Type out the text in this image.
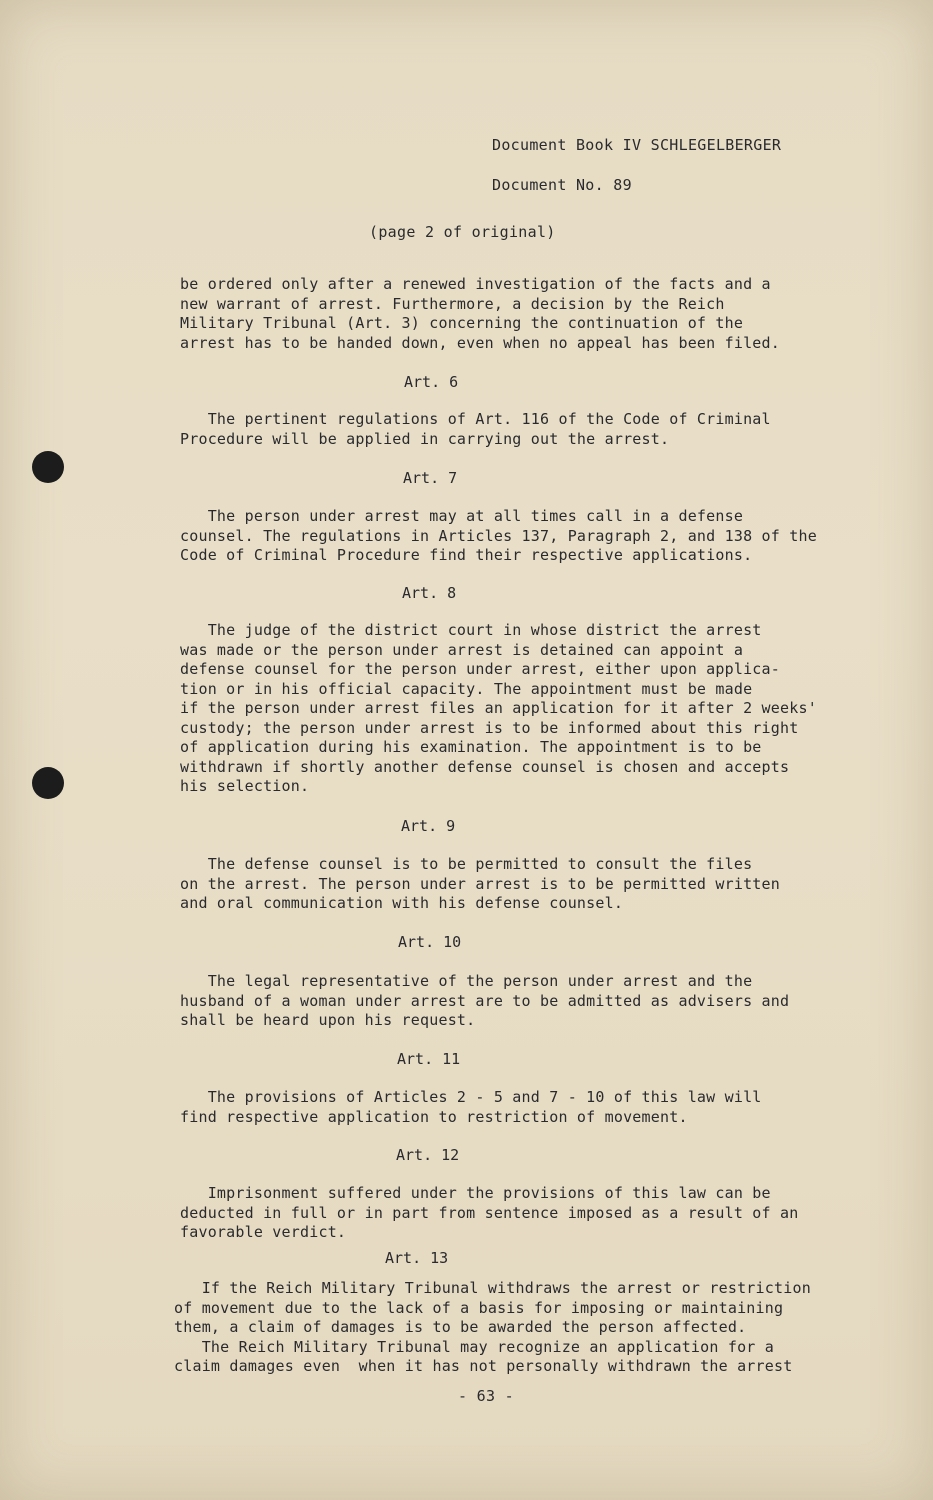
Document Book IV SCHLEGELBERGER
Document No. 89
(page 2 of original)
be ordered only after a renewed investigation of the facts and a
new warrant of arrest. Furthermore, a decision by the Reich
Military Tribunal (Art. 3) concerning the continuation of the
arrest has to be handed down, even when no appeal has been filed.
Art. 6
The pertinent regulations of Art. 116 of the Code of Criminal
Procedure will be applied in carrying out the arrest.
Art. 7
The person under arrest may at all times call in a defense
counsel. The regulations in Articles 137, Paragraph 2, and 138 of the
Code of Criminal Procedure find their respective applications.
Art. 8
The judge of the district court in whose district the arrest
was made or the person under arrest is detained can appoint a
defense counsel for the person under arrest, either upon applica-
tion or in his official capacity. The appointment must be made
if the person under arrest files an application for it after 2 weeks'
custody; the person under arrest is to be informed about this right
of application during his examination. The appointment is to be
withdrawn if shortly another defense counsel is chosen and accepts
his selection.
Art. 9
The defense counsel is to be permitted to consult the files
on the arrest. The person under arrest is to be permitted written
and oral communication with his defense counsel.
Art. 10
The legal representative of the person under arrest and the
husband of a woman under arrest are to be admitted as advisers and
shall be heard upon his request.
Art. 11
The provisions of Articles 2 - 5 and 7 - 10 of this law will
find respective application to restriction of movement.
Art. 12
Imprisonment suffered under the provisions of this law can be
deducted in full or in part from sentence imposed as a result of an
favorable verdict.
Art. 13
If the Reich Military Tribunal withdraws the arrest or restriction
of movement due to the lack of a basis for imposing or maintaining
them, a claim of damages is to be awarded the person affected.
The Reich Military Tribunal may recognize an application for a
claim damages even  when it has not personally withdrawn the arrest
- 63 -
